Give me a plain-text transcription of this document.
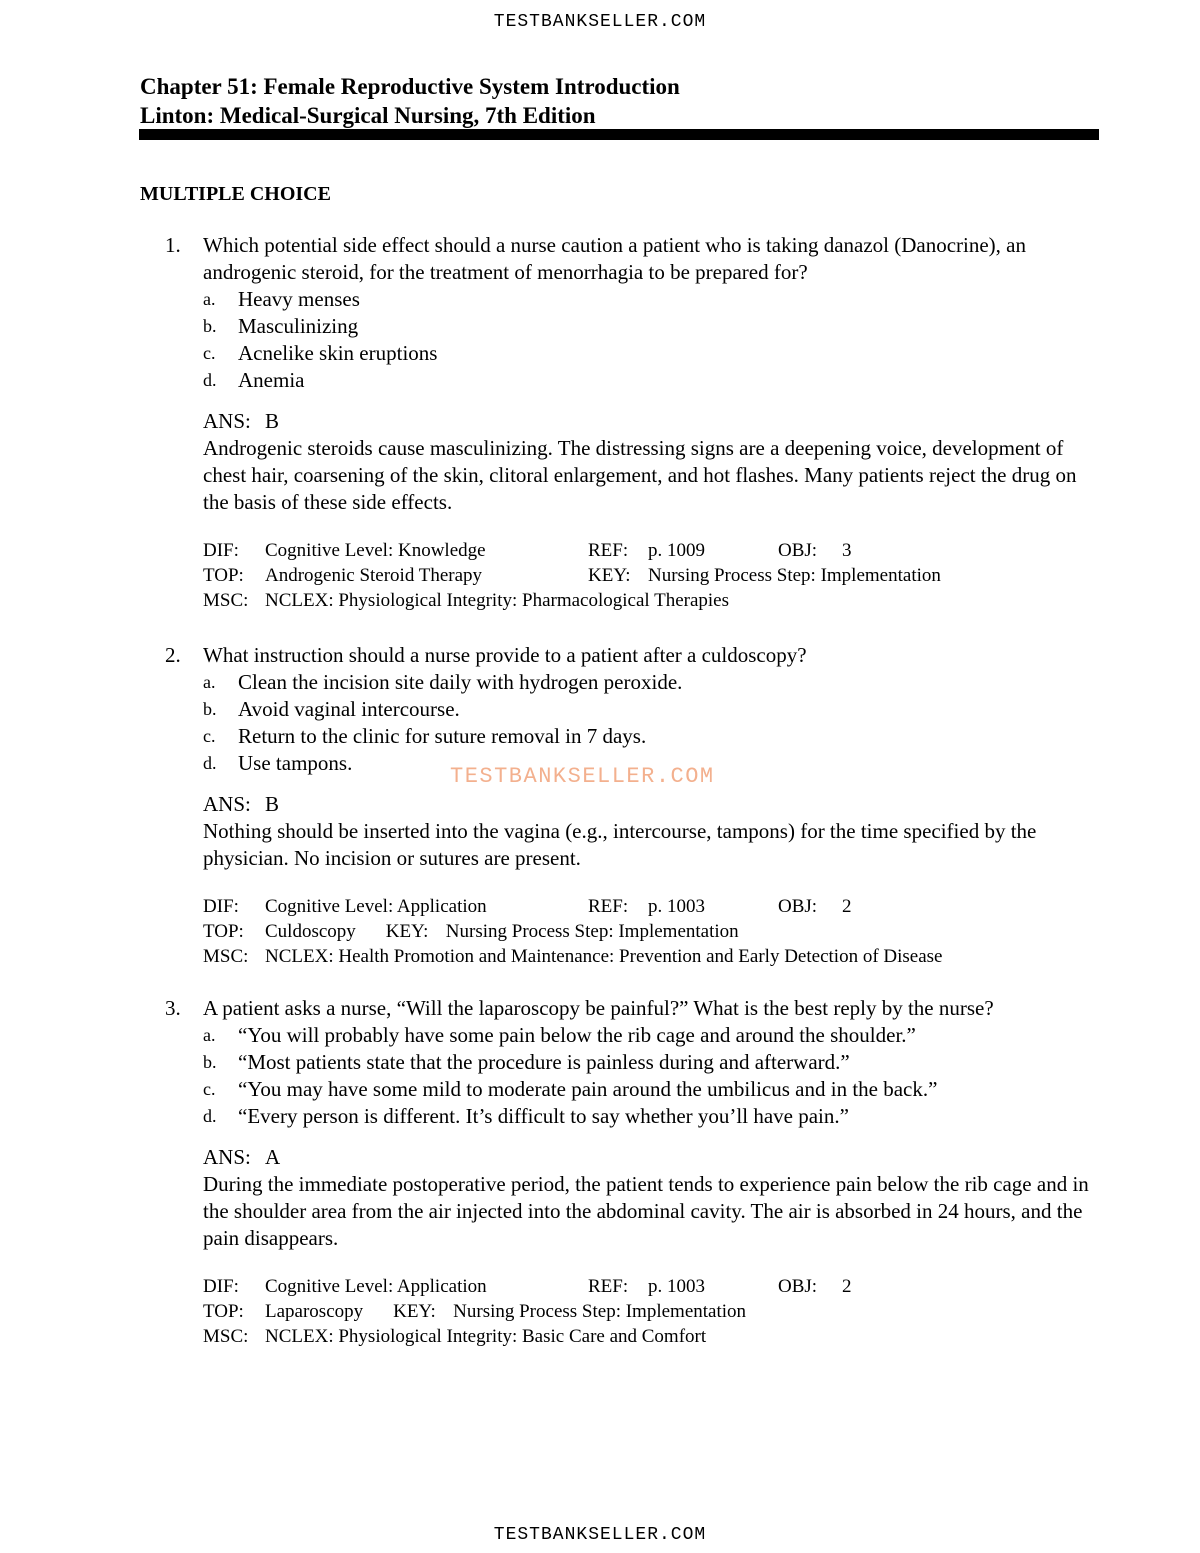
TESTBANKSELLER.COM
Chapter 51: Female Reproductive System Introduction
Linton: Medical-Surgical Nursing, 7th Edition
MULTIPLE CHOICE
1.	Which potential side effect should a nurse caution a patient who is taking danazol (Danocrine), an androgenic steroid, for the treatment of menorrhagia to be prepared for?
a.	Heavy menses
b.	Masculinizing
c.	Acnelike skin eruptions
d.	Anemia
ANS: B
Androgenic steroids cause masculinizing. The distressing signs are a deepening voice, development of chest hair, coarsening of the skin, clitoral enlargement, and hot flashes. Many patients reject the drug on the basis of these side effects.
DIF:	Cognitive Level: Knowledge	REF:	p. 1009	OBJ:	3
TOP:	Androgenic Steroid Therapy	KEY: Nursing Process Step: Implementation
MSC: NCLEX: Physiological Integrity: Pharmacological Therapies
2.	What instruction should a nurse provide to a patient after a culdoscopy?
a.	Clean the incision site daily with hydrogen peroxide.
b.	Avoid vaginal intercourse.
c.	Return to the clinic for suture removal in 7 days.
d.	Use tampons.
ANS: B
Nothing should be inserted into the vagina (e.g., intercourse, tampons) for the time specified by the physician. No incision or sutures are present.
DIF:	Cognitive Level: Application	REF:	p. 1003	OBJ:	2
TOP:	Culdoscopy KEY: Nursing Process Step: Implementation
MSC: NCLEX: Health Promotion and Maintenance: Prevention and Early Detection of Disease
TESTBANKSELLER.COM
3.	A patient asks a nurse, “Will the laparoscopy be painful?” What is the best reply by the nurse?
a.	“You will probably have some pain below the rib cage and around the shoulder.”
b.	“Most patients state that the procedure is painless during and afterward.”
c.	“You may have some mild to moderate pain around the umbilicus and in the back.”
d.	“Every person is different. It’s difficult to say whether you’ll have pain.”
ANS: A
During the immediate postoperative period, the patient tends to experience pain below the rib cage and in the shoulder area from the air injected into the abdominal cavity. The air is absorbed in 24 hours, and the pain disappears.
DIF:	Cognitive Level: Application	REF:	p. 1003	OBJ:	2
TOP:	Laparoscopy KEY: Nursing Process Step: Implementation
MSC: NCLEX: Physiological Integrity: Basic Care and Comfort
TESTBANKSELLER.COM
